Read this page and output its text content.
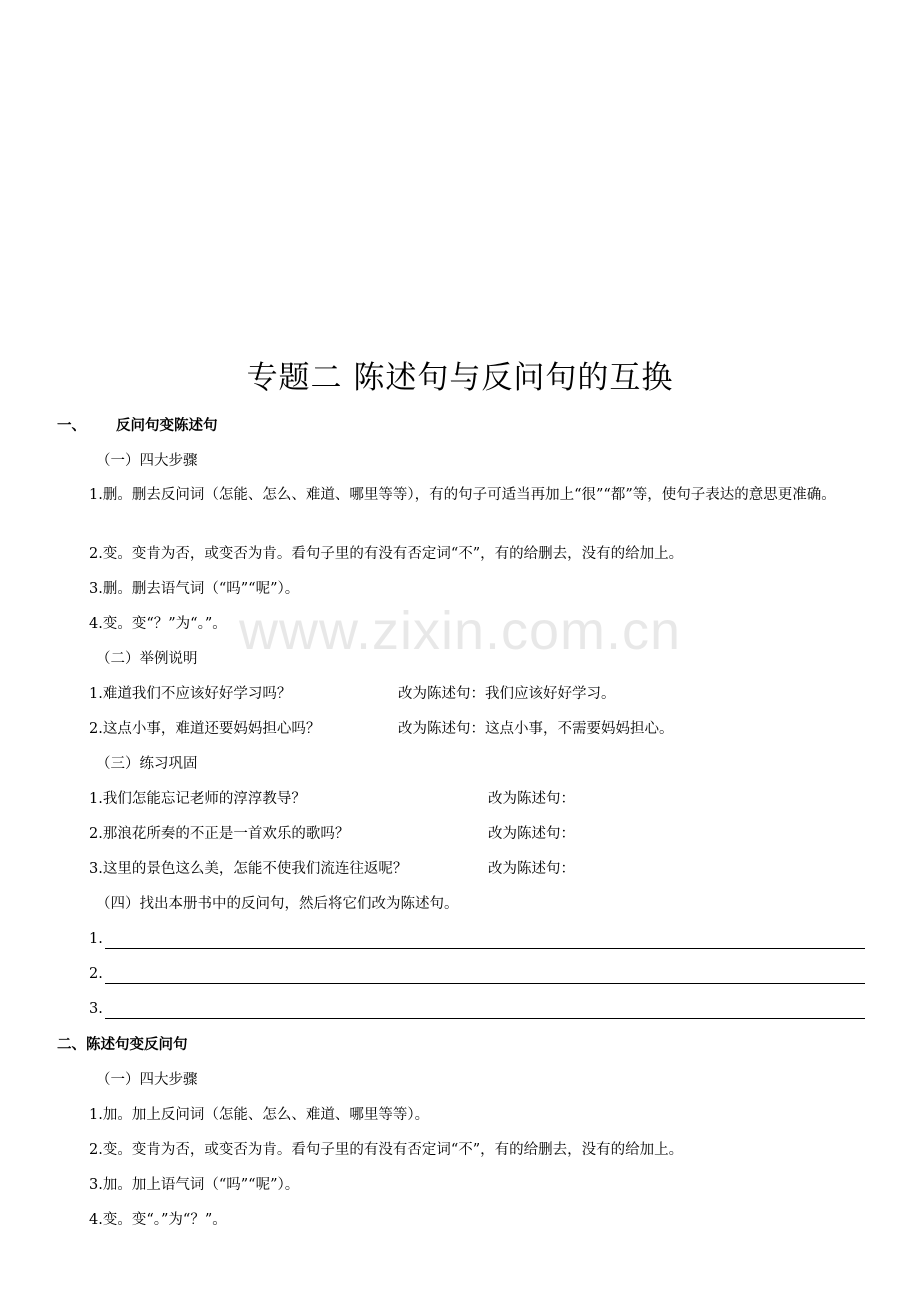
www.zixin.com.cn
专题二 陈述句与反问句的互换
一、 反问句变陈述句
（一）四大步骤
1.删。删去反问词（怎能、怎么、难道、哪里等等），有的句子可适当再加上“很”“都”等，使句子表达的意思更准确。
2.变。变肯为否，或变否为肯。看句子里的有没有否定词“不”，有的给删去，没有的给加上。
3.删。删去语气词（“吗”“呢”）。
4.变。变“？”为“。”。
（二）举例说明
1.难道我们不应该好好学习吗？	改为陈述句：我们应该好好学习。
2.这点小事，难道还要妈妈担心吗？	改为陈述句：这点小事，不需要妈妈担心。
（三）练习巩固
1.我们怎能忘记老师的淳淳教导？	改为陈述句：
2.那浪花所奏的不正是一首欢乐的歌吗？	改为陈述句：
3.这里的景色这么美，怎能不使我们流连往返呢？	改为陈述句：
（四）找出本册书中的反问句，然后将它们改为陈述句。
1.
2.
3.
二、陈述句变反问句
（一）四大步骤
1.加。加上反问词（怎能、怎么、难道、哪里等等）。
2.变。变肯为否，或变否为肯。看句子里的有没有否定词“不”，有的给删去，没有的给加上。
3.加。加上语气词（“吗”“呢”）。
4.变。变“。”为“？”。
